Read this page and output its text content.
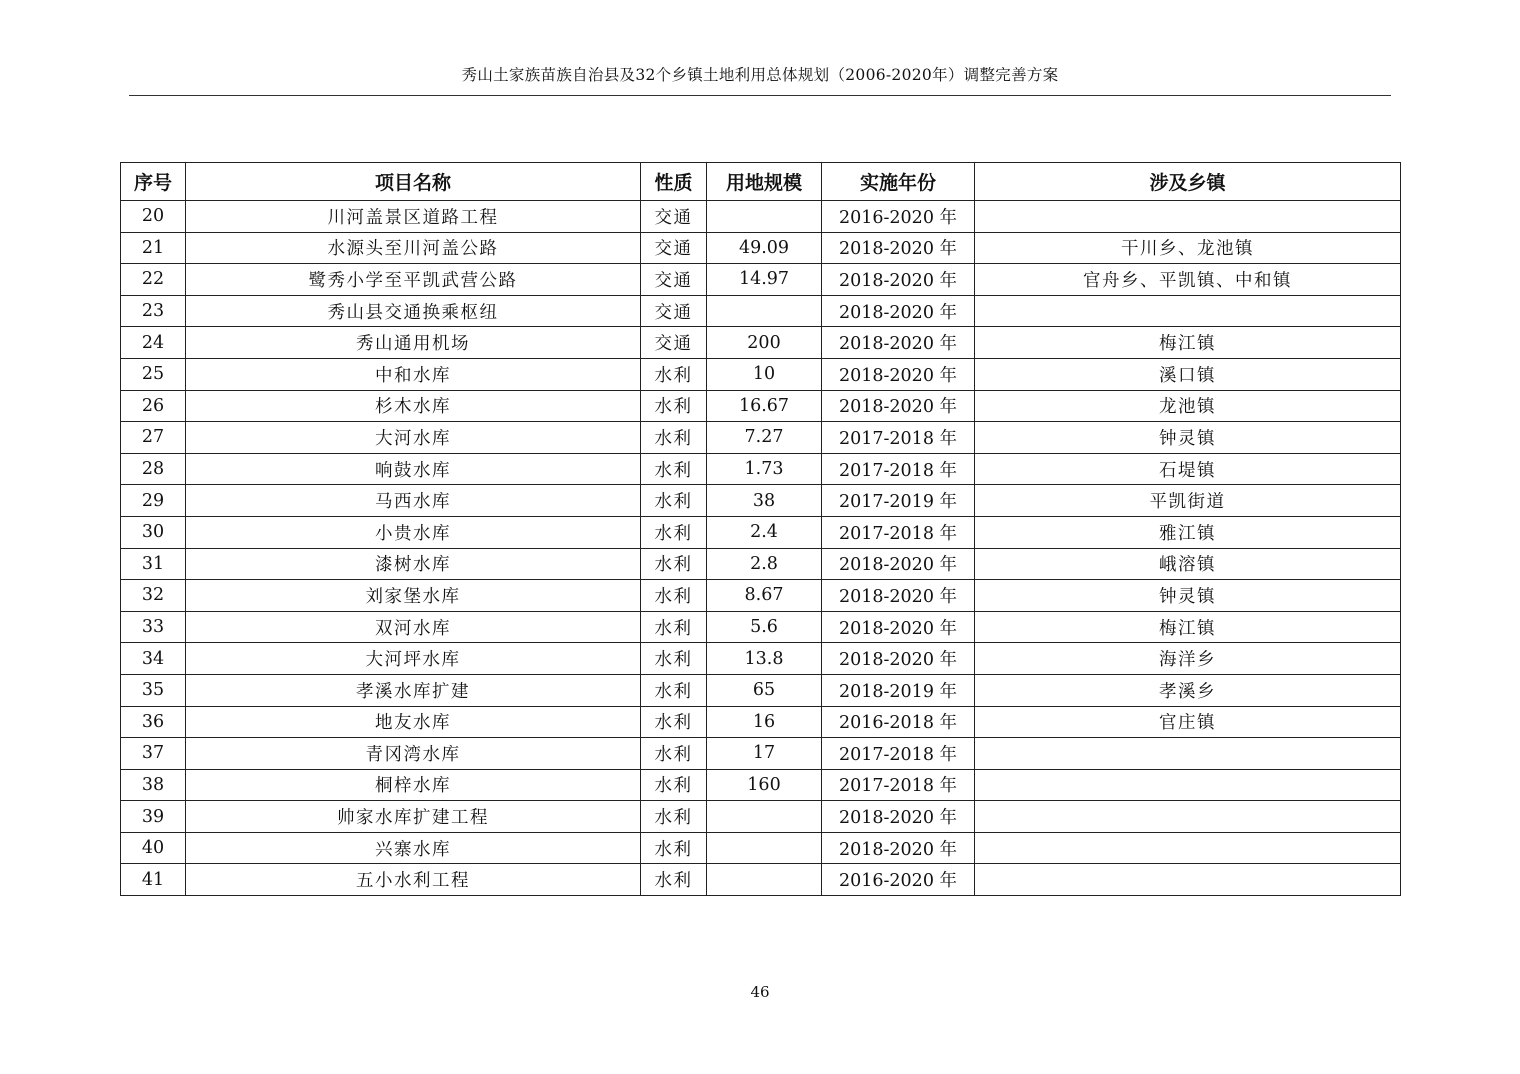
秀山土家族苗族自治县及32个乡镇土地利用总体规划（2006-2020年）调整完善方案
序号	项目名称	性质	用地规模	实施年份	涉及乡镇
20	川河盖景区道路工程	交通		2016-2020 年	
21	水源头至川河盖公路	交通	49.09	2018-2020 年	干川乡、龙池镇
22	鹭秀小学至平凯武营公路	交通	14.97	2018-2020 年	官舟乡、平凯镇、中和镇
23	秀山县交通换乘枢纽	交通		2018-2020 年	
24	秀山通用机场	交通	200	2018-2020 年	梅江镇
25	中和水库	水利	10	2018-2020 年	溪口镇
26	杉木水库	水利	16.67	2018-2020 年	龙池镇
27	大河水库	水利	7.27	2017-2018 年	钟灵镇
28	响鼓水库	水利	1.73	2017-2018 年	石堤镇
29	马西水库	水利	38	2017-2019 年	平凯街道
30	小贵水库	水利	2.4	2017-2018 年	雅江镇
31	漆树水库	水利	2.8	2018-2020 年	峨溶镇
32	刘家堡水库	水利	8.67	2018-2020 年	钟灵镇
33	双河水库	水利	5.6	2018-2020 年	梅江镇
34	大河坪水库	水利	13.8	2018-2020 年	海洋乡
35	孝溪水库扩建	水利	65	2018-2019 年	孝溪乡
36	地友水库	水利	16	2016-2018 年	官庄镇
37	青冈湾水库	水利	17	2017-2018 年	
38	桐梓水库	水利	160	2017-2018 年	
39	帅家水库扩建工程	水利		2018-2020 年	
40	兴寨水库	水利		2018-2020 年	
41	五小水利工程	水利		2016-2020 年	
46
